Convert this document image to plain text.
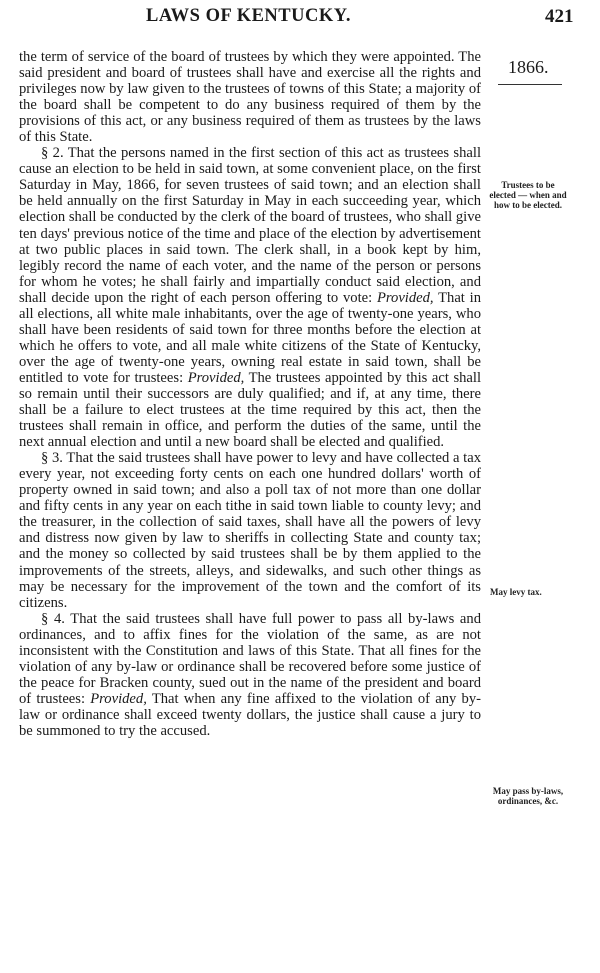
LAWS OF KENTUCKY.	421
1866.

the term of service of the board of trustees by which they were appointed. The said president and board of trustees shall have and exercise all the rights and privileges now by law given to the trustees of towns of this State; a majority of the board shall be competent to do any business required of them by the provisions of this act, or any business required of them as trustees by the laws of this State.

§ 2. That the persons named in the first section of this act as trustees shall cause an election to be held in said town, at some convenient place, on the first Saturday in May, 1866, for seven trustees of said town; and an election shall be held annually on the first Saturday in May in each succeeding year, which election shall be conducted by the clerk of the board of trustees, who shall give ten days' previous notice of the time and place of the election by advertisement at two public places in said town. The clerk shall, in a book kept by him, legibly record the name of each voter, and the name of the person or persons for whom he votes; he shall fairly and impartially conduct said election, and shall decide upon the right of each person offering to vote: Provided, That in all elections, all white male inhabitants, over the age of twenty-one years, who shall have been residents of said town for three months before the election at which he offers to vote, and all male white citizens of the State of Kentucky, over the age of twenty-one years, owning real estate in said town, shall be entitled to vote for trustees: Provided, The trustees appointed by this act shall so remain until their successors are duly qualified; and if, at any time, there shall be a failure to elect trustees at the time required by this act, then the trustees shall remain in office, and perform the duties of the same, until the next annual election and until a new board shall be elected and qualified.

§ 3. That the said trustees shall have power to levy and have collected a tax every year, not exceeding forty cents on each one hundred dollars' worth of property owned in said town; and also a poll tax of not more than one dollar and fifty cents in any year on each tithe in said town liable to county levy; and the treasurer, in the collection of said taxes, shall have all the powers of levy and distress now given by law to sheriffs in collecting State and county tax; and the money so collected by said trustees shall be by them applied to the improvements of the streets, alleys, and sidewalks, and such other things as may be necessary for the improvement of the town and the comfort of its citizens.

§ 4. That the said trustees shall have full power to pass all by-laws and ordinances, and to affix fines for the violation of the same, as are not inconsistent with the Constitution and laws of this State. That all fines for the violation of any by-law or ordinance shall be recovered before some justice of the peace for Bracken county, sued out in the name of the president and board of trustees: Provided, That when any fine affixed to the violation of any by-law or ordinance shall exceed twenty dollars, the justice shall cause a jury to be summoned to try the accused.

Trustees to be elected — when and how to be elected.
May levy tax.
May pass by-laws, ordinances, &c.
